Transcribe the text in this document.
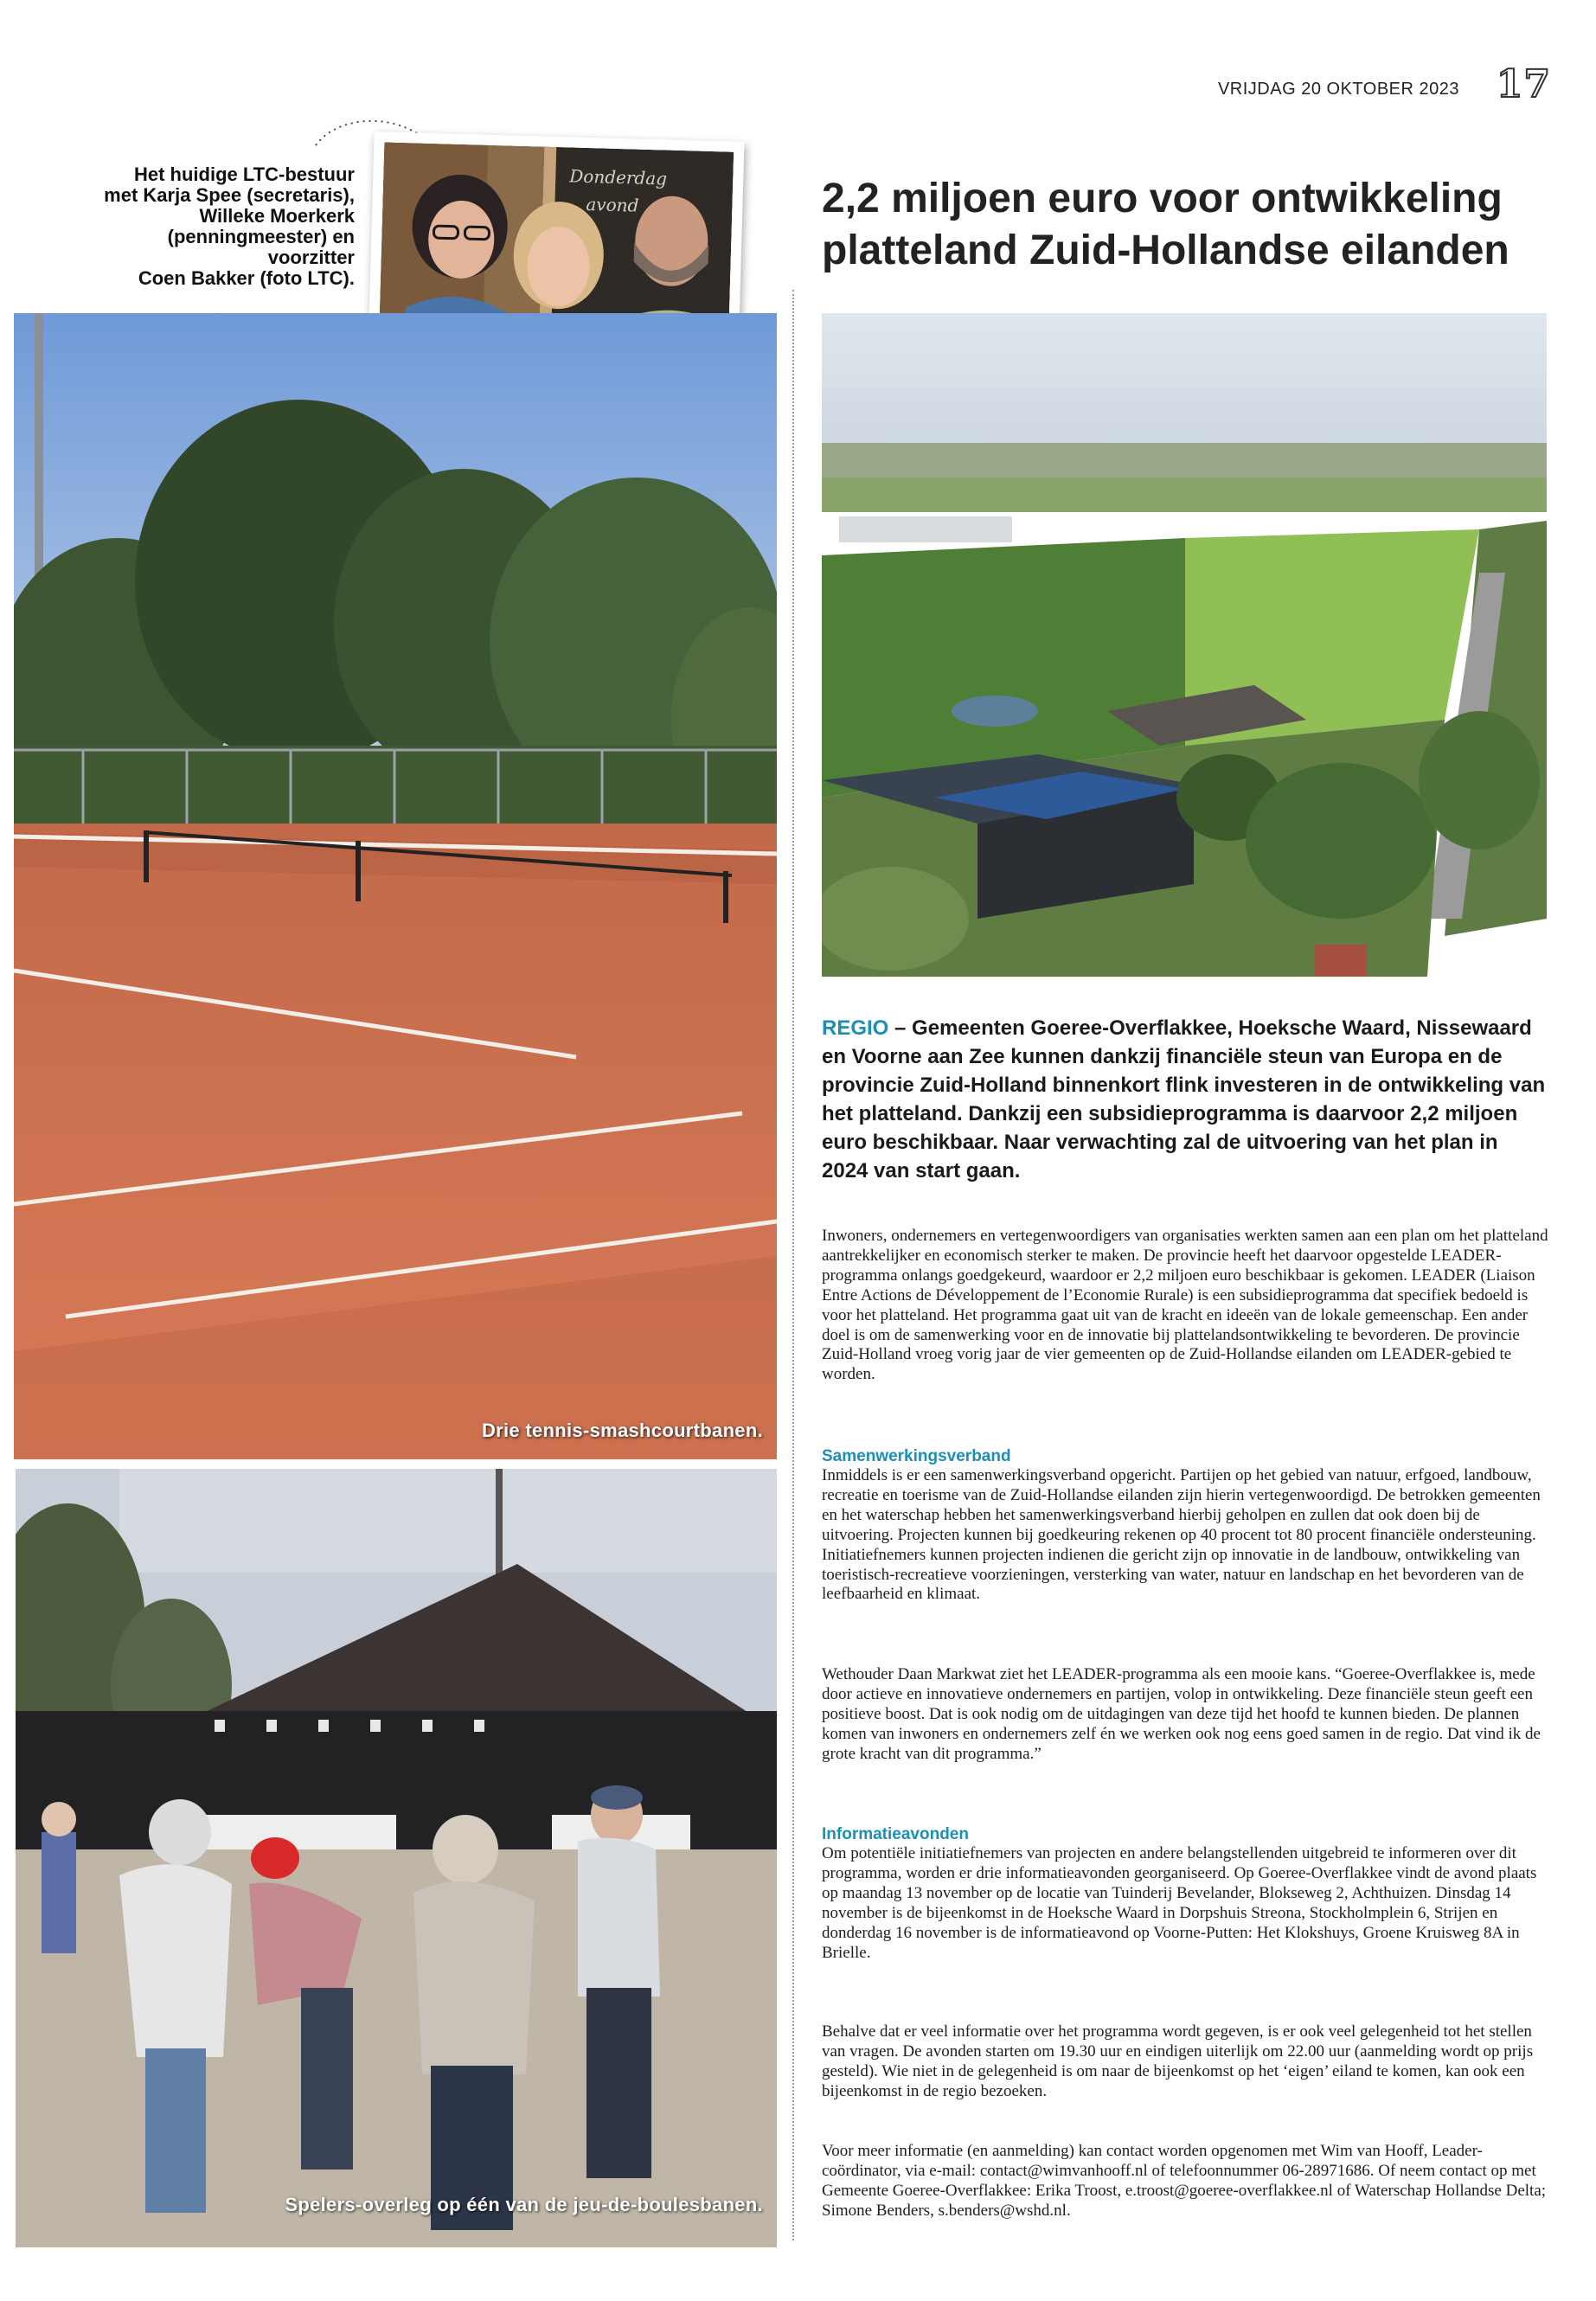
VRIJDAG 20 OKTOBER 2023 17
Het huidige LTC-bestuur
met Karja Spee (secretaris),
Willeke Moerkerk
(penningmeester) en voorzitter
Coen Bakker (foto LTC).
Donderdag
avond
Drie tennis-smashcourtbanen.
Spelers-overleg op één van de jeu-de-boulesbanen.
2,2 miljoen euro voor ontwikkeling
platteland Zuid-Hollandse eilanden

REGIO – Gemeenten Goeree-Overflakkee, Hoeksche Waard, Nissewaard en Voorne aan Zee kunnen dankzij financiële steun van Europa en de provincie Zuid-Holland binnenkort flink investeren in de ontwikkeling van het platteland. Dankzij een subsidieprogramma is daarvoor 2,2 miljoen euro beschikbaar. Naar verwachting zal de uitvoering van het plan in 2024 van start gaan.

Inwoners, ondernemers en vertegenwoordigers van organisaties werkten samen aan een plan om het platteland aantrekkelijker en economisch sterker te maken. De provincie heeft het daarvoor opgestelde LEADER-programma onlangs goedgekeurd, waardoor er 2,2 miljoen euro beschikbaar is gekomen. LEADER (Liaison Entre Actions de Développement de l’Economie Rurale) is een subsidieprogramma dat specifiek bedoeld is voor het platteland. Het programma gaat uit van de kracht en ideeën van de lokale gemeenschap. Een ander doel is om de samenwerking voor en de innovatie bij plattelandsontwikkeling te bevorderen. De provincie Zuid-Holland vroeg vorig jaar de vier gemeenten op de Zuid-Hollandse eilanden om LEADER-gebied te worden.

Samenwerkingsverband

Inmiddels is er een samenwerkingsverband opgericht. Partijen op het gebied van natuur, erfgoed, landbouw, recreatie en toerisme van de Zuid-Hollandse eilanden zijn hierin vertegenwoordigd. De betrokken gemeenten en het waterschap hebben het samenwerkingsverband hierbij geholpen en zullen dat ook doen bij de uitvoering. Projecten kunnen bij goedkeuring rekenen op 40 procent tot 80 procent financiële ondersteuning. Initiatiefnemers kunnen projecten indienen die gericht zijn op innovatie in de landbouw, ontwikkeling van toeristisch-recreatieve voorzieningen, versterking van water, natuur en landschap en het bevorderen van de leefbaarheid en klimaat.

Wethouder Daan Markwat ziet het LEADER-programma als een mooie kans. “Goeree-Overflakkee is, mede door actieve en innovatieve ondernemers en partijen, volop in ontwikkeling. Deze financiële steun geeft een positieve boost. Dat is ook nodig om de uitdagingen van deze tijd het hoofd te kunnen bieden. De plannen komen van inwoners en ondernemers zelf én we werken ook nog eens goed samen in de regio. Dat vind ik de grote kracht van dit programma.”

Informatieavonden

Om potentiële initiatiefnemers van projecten en andere belangstellenden uitgebreid te informeren over dit programma, worden er drie informatieavonden georganiseerd. Op Goeree-Overflakkee vindt de avond plaats op maandag 13 november op de locatie van Tuinderij Bevelander, Blokseweg 2, Achthuizen. Dinsdag 14 november is de bijeenkomst in de Hoeksche Waard in Dorpshuis Streona, Stockholmplein 6, Strijen en donderdag 16 november is de informatieavond op Voorne-Putten: Het Klokshuys, Groene Kruisweg 8A in Brielle.

Behalve dat er veel informatie over het programma wordt gegeven, is er ook veel gelegenheid tot het stellen van vragen. De avonden starten om 19.30 uur en eindigen uiterlijk om 22.00 uur (aanmelding wordt op prijs gesteld). Wie niet in de gelegenheid is om naar de bijeenkomst op het ‘eigen’ eiland te komen, kan ook een bijeenkomst in de regio bezoeken.

Voor meer informatie (en aanmelding) kan contact worden opgenomen met Wim van Hooff, Leader-coördinator, via e-mail: contact@wimvanhooff.nl of telefoonnummer 06-28971686. Of neem contact op met Gemeente Goeree-Overflakkee: Erika Troost, e.troost@goeree-overflakkee.nl of Waterschap Hollandse Delta; Simone Benders, s.benders@wshd.nl.
